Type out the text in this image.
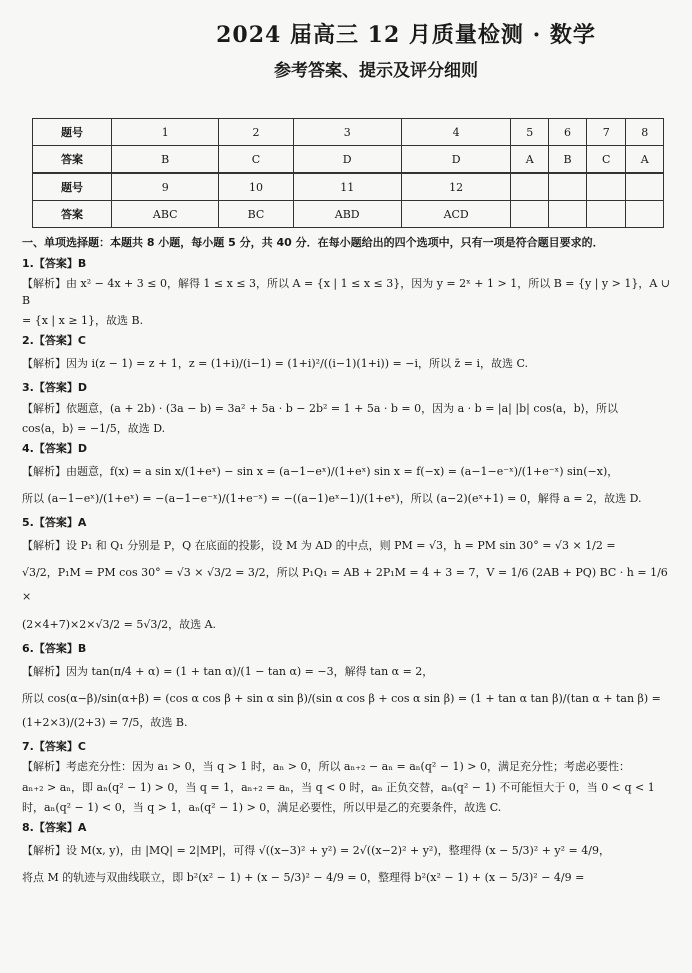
2024 届高三 12 月质量检测 · 数学
参考答案、提示及评分细则
题号	1	2	3	4	5	6	7	8
答案	B	C	D	D	A	B	C	A
题号	9	10	11	12				
答案	ABC	BC	ABD	ACD				
一、单项选择题：本题共 8 小题，每小题 5 分，共 40 分．在每小题给出的四个选项中，只有一项是符合题目要求的．
1.【答案】B
【解析】由 x² − 4x + 3 ≤ 0，解得 1 ≤ x ≤ 3，所以 A = {x | 1 ≤ x ≤ 3}，因为 y = 2ˣ + 1 > 1，所以 B = {y | y > 1}，A ∪ B
= {x | x ≥ 1}，故选 B.
2.【答案】C
【解析】因为 i(z − 1) = z + 1，z = (1+i)/(i−1) = (1+i)²/((i−1)(1+i)) = −i，所以 z̄ = i，故选 C.
3.【答案】D
【解析】依题意，(a + 2b) · (3a − b) = 3a² + 5a · b − 2b² = 1 + 5a · b = 0，因为 a · b = |a| |b| cos⟨a，b⟩，所以
cos⟨a，b⟩ = −1/5，故选 D.
4.【答案】D
【解析】由题意，f(x) = a sin x/(1+eˣ) − sin x = (a−1−eˣ)/(1+eˣ) sin x = f(−x) = (a−1−e⁻ˣ)/(1+e⁻ˣ) sin(−x)，
所以 (a−1−eˣ)/(1+eˣ) = −(a−1−e⁻ˣ)/(1+e⁻ˣ) = −((a−1)eˣ−1)/(1+eˣ)，所以 (a−2)(eˣ+1) = 0，解得 a = 2，故选 D.
5.【答案】A
【解析】设 P₁ 和 Q₁ 分别是 P，Q 在底面的投影，设 M 为 AD 的中点，则 PM = √3，h = PM sin 30° = √3 × 1/2 =
√3/2，P₁M = PM cos 30° = √3 × √3/2 = 3/2，所以 P₁Q₁ = AB + 2P₁M = 4 + 3 = 7，V = 1/6 (2AB + PQ) BC · h = 1/6 ×
(2×4+7)×2×√3/2 = 5√3/2，故选 A.
6.【答案】B
【解析】因为 tan(π/4 + α) = (1 + tan α)/(1 − tan α) = −3，解得 tan α = 2，
所以 cos(α−β)/sin(α+β) = (cos α cos β + sin α sin β)/(sin α cos β + cos α sin β) = (1 + tan α tan β)/(tan α + tan β) = (1+2×3)/(2+3) = 7/5，故选 B.
7.【答案】C
【解析】考虑充分性：因为 a₁ > 0，当 q > 1 时，aₙ > 0，所以 aₙ₊₂ − aₙ = aₙ(q² − 1) > 0，满足充分性；考虑必要性：
aₙ₊₂ > aₙ，即 aₙ(q² − 1) > 0，当 q = 1，aₙ₊₂ = aₙ，当 q < 0 时，aₙ 正负交替，aₙ(q² − 1) 不可能恒大于 0，当 0 < q < 1
时，aₙ(q² − 1) < 0，当 q > 1，aₙ(q² − 1) > 0，满足必要性，所以甲是乙的充要条件，故选 C.
8.【答案】A
【解析】设 M(x, y)，由 |MQ| = 2|MP|，可得 √((x−3)² + y²) = 2√((x−2)² + y²)，整理得 (x − 5/3)² + y² = 4/9，
将点 M 的轨迹与双曲线联立，即 b²(x² − 1) + (x − 5/3)² − 4/9 = 0，整理得 b²(x² − 1) + (x − 5/3)² − 4/9 =
